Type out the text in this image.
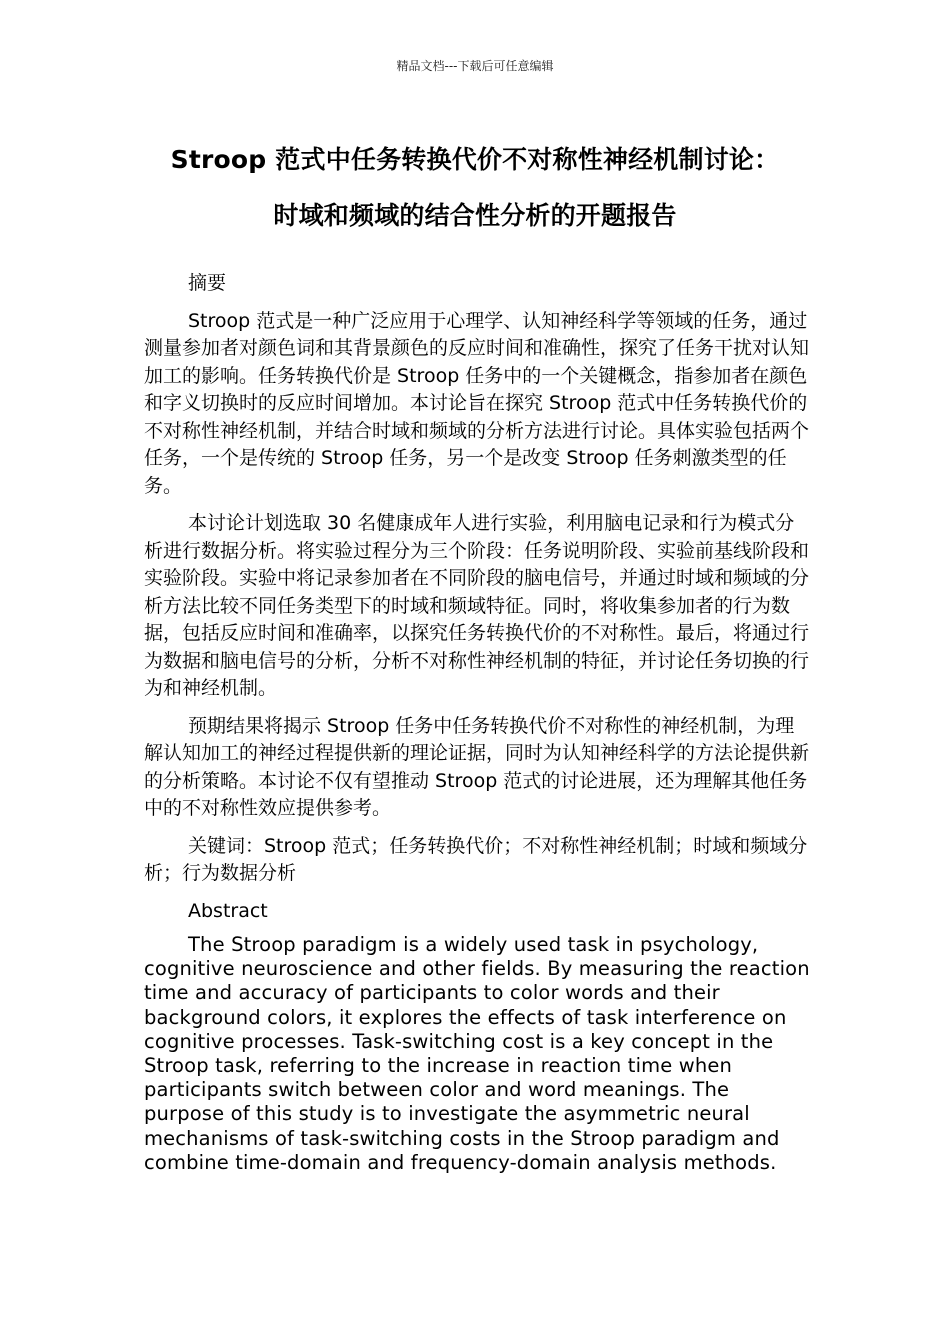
精品文档---下载后可任意编辑
Stroop 范式中任务转换代价不对称性神经机制讨论：
时域和频域的结合性分析的开题报告

摘要

Stroop 范式是一种广泛应用于心理学、认知神经科学等领域的任务，通过测量参加者对颜色词和其背景颜色的反应时间和准确性，探究了任务干扰对认知加工的影响。任务转换代价是 Stroop 任务中的一个关键概念，指参加者在颜色和字义切换时的反应时间增加。本讨论旨在探究 Stroop 范式中任务转换代价的不对称性神经机制，并结合时域和频域的分析方法进行讨论。具体实验包括两个任务，一个是传统的 Stroop 任务，另一个是改变 Stroop 任务刺激类型的任务。

本讨论计划选取 30 名健康成年人进行实验，利用脑电记录和行为模式分析进行数据分析。将实验过程分为三个阶段：任务说明阶段、实验前基线阶段和实验阶段。实验中将记录参加者在不同阶段的脑电信号，并通过时域和频域的分析方法比较不同任务类型下的时域和频域特征。同时，将收集参加者的行为数据，包括反应时间和准确率，以探究任务转换代价的不对称性。最后，将通过行为数据和脑电信号的分析，分析不对称性神经机制的特征，并讨论任务切换的行为和神经机制。

预期结果将揭示 Stroop 任务中任务转换代价不对称性的神经机制，为理解认知加工的神经过程提供新的理论证据，同时为认知神经科学的方法论提供新的分析策略。本讨论不仅有望推动 Stroop 范式的讨论进展，还为理解其他任务中的不对称性效应提供参考。

关键词：Stroop 范式；任务转换代价；不对称性神经机制；时域和频域分析；行为数据分析

Abstract

The Stroop paradigm is a widely used task in psychology, cognitive neuroscience and other fields. By measuring the reaction time and accuracy of participants to color words and their background colors, it explores the effects of task interference on cognitive processes. Task-switching cost is a key concept in the Stroop task, referring to the increase in reaction time when participants switch between color and word meanings. The purpose of this study is to investigate the asymmetric neural mechanisms of task-switching costs in the Stroop paradigm and combine time-domain and frequency-domain analysis methods.
